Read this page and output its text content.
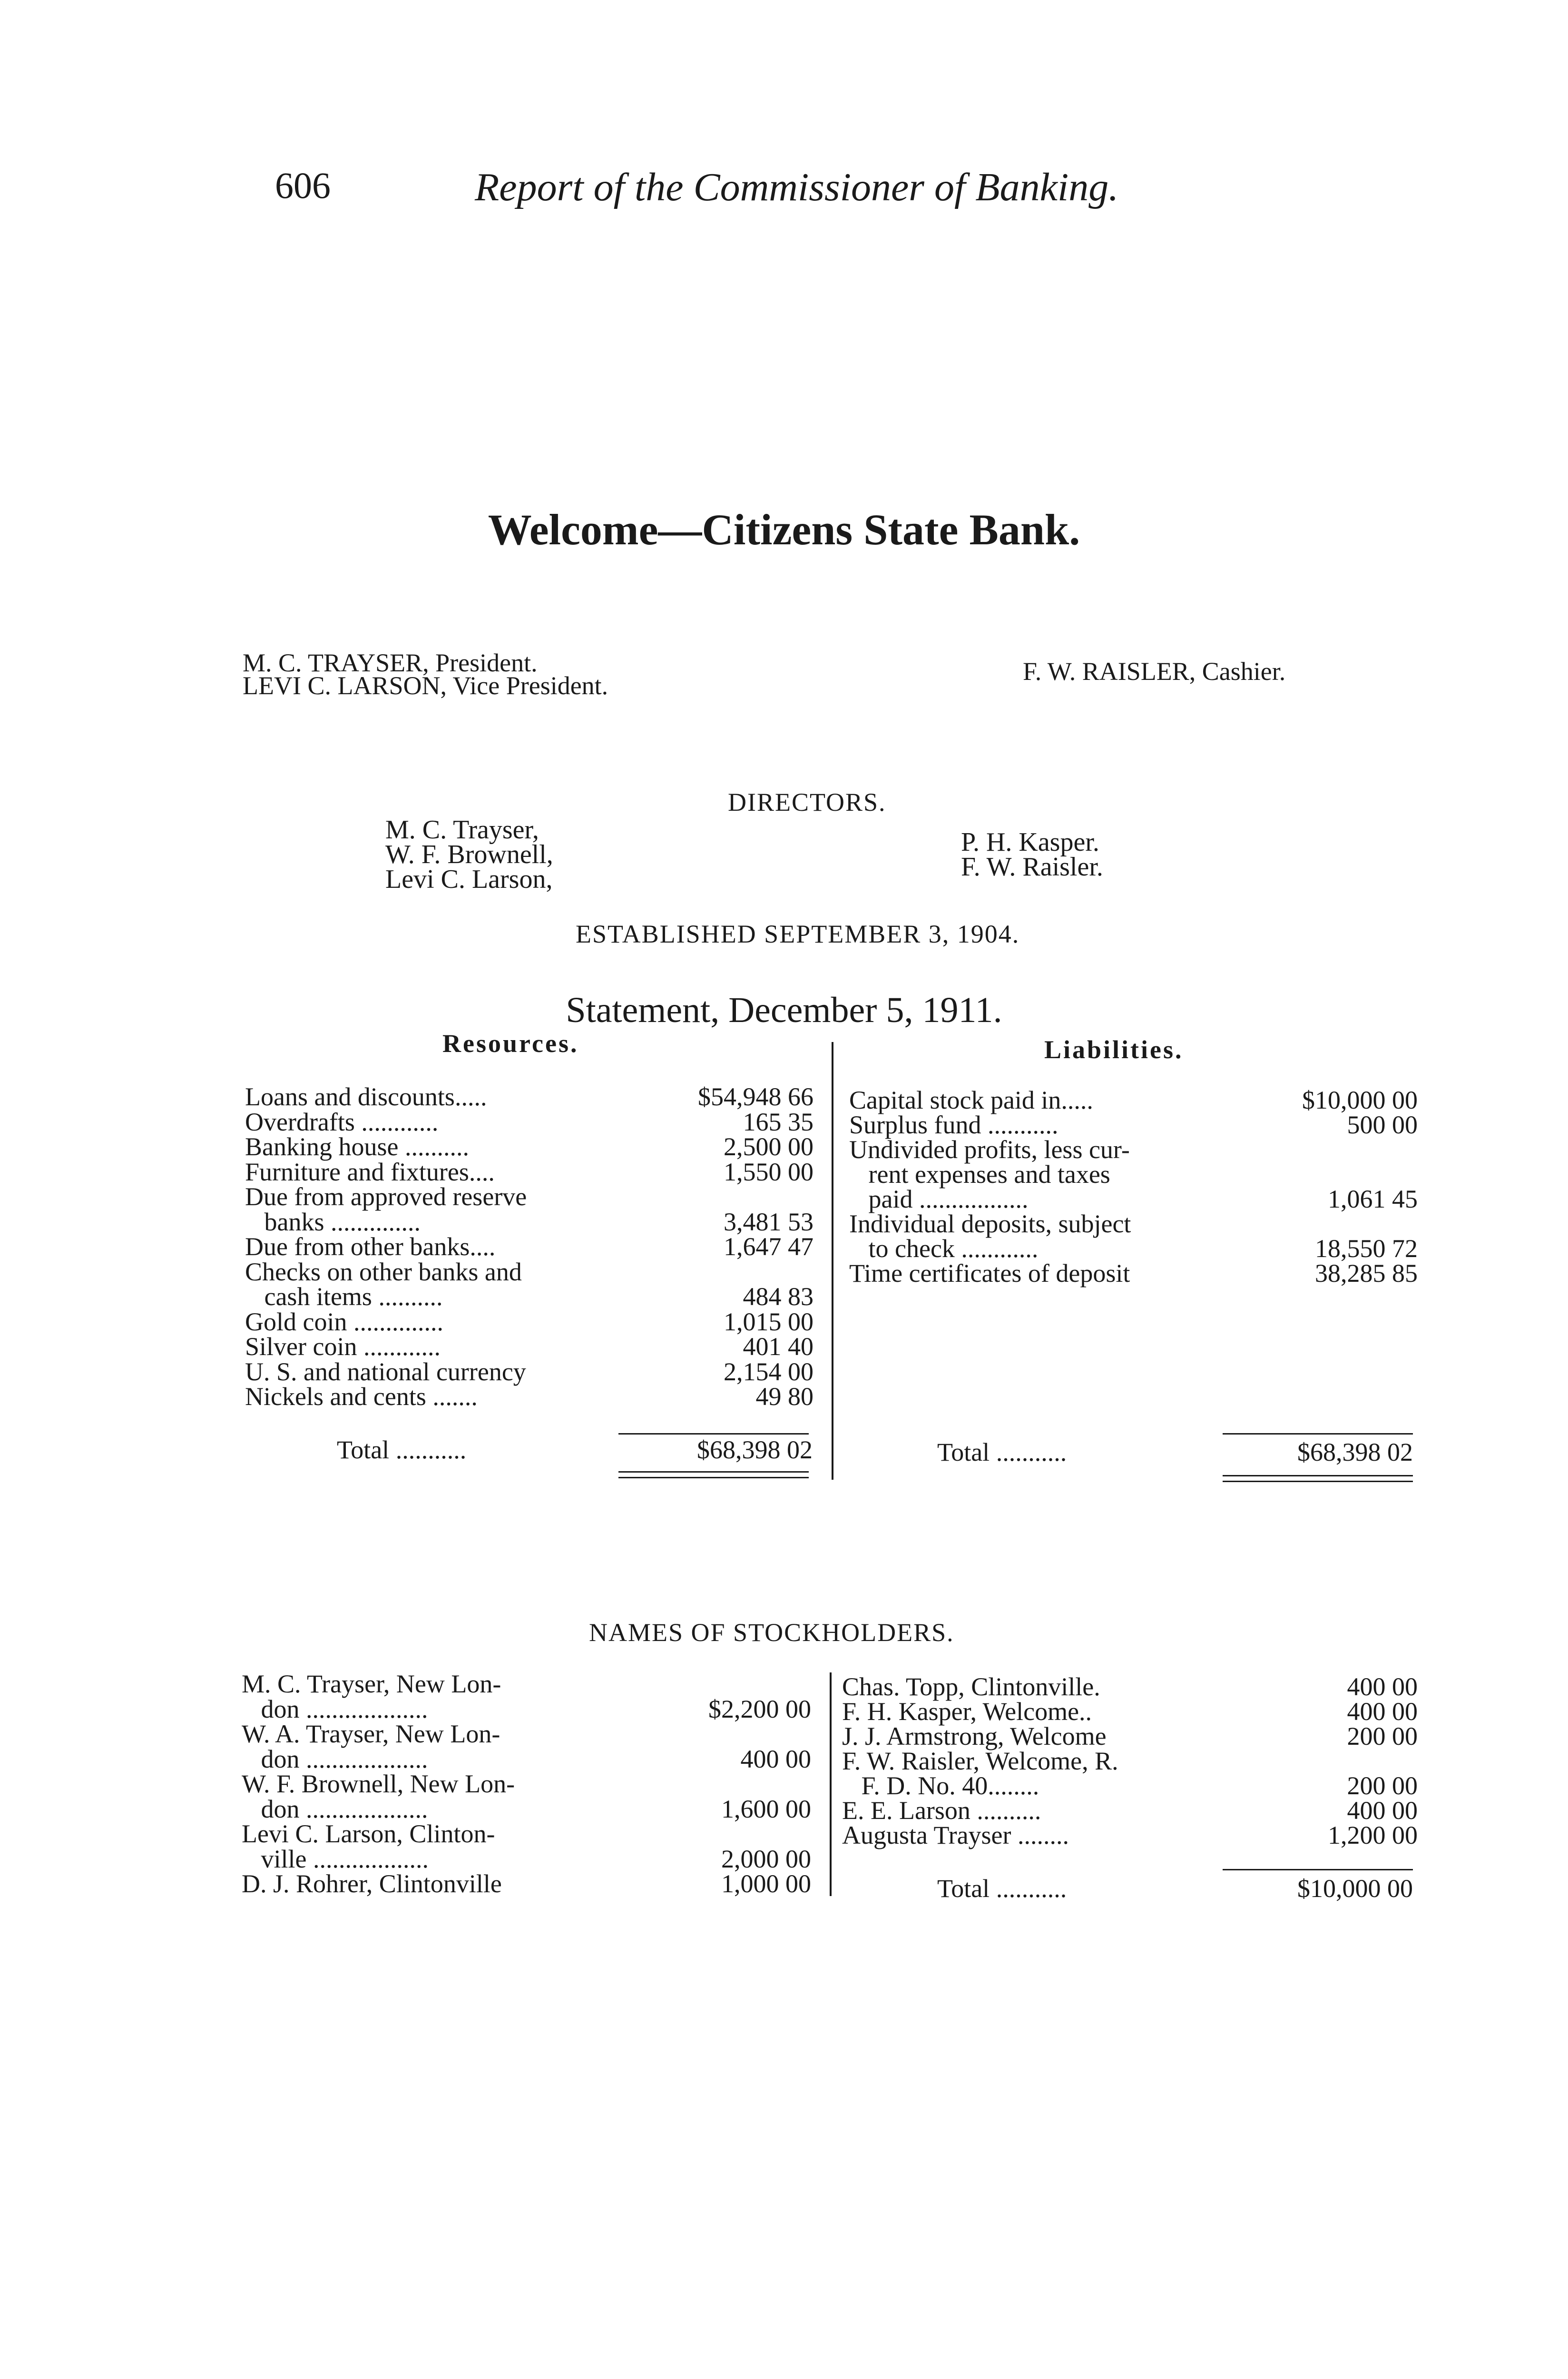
606	Report of the Commissioner of Banking.
Welcome—Citizens State Bank.
M. C. TRAYSER, President.
LEVI C. LARSON, Vice President.	F. W. RAISLER, Cashier.
DIRECTORS.
M. C. Trayser,
W. F. Brownell,
Levi C. Larson,
P. H. Kasper.
F. W. Raisler.
ESTABLISHED SEPTEMBER 3, 1904.
Statement, December 5, 1911.
Resources.	Liabilities.
Loans and discounts.....	$54,948 66
Overdrafts ............	165 35
Banking house ..........	2,500 00
Furniture and fixtures....	1,550 00
Due from approved reserve
banks ..............	3,481 53
Due from other banks....	1,647 47
Checks on other banks and
cash items ..........	484 83
Gold coin ..............	1,015 00
Silver coin ............	401 40
U. S. and national currency	2,154 00
Nickels and cents .......	49 80
Capital stock paid in.....	$10,000 00
Surplus fund ...........	500 00
Undivided profits, less cur-
rent expenses and taxes
paid .................	1,061 45
Individual deposits, subject
to check ............	18,550 72
Time certificates of deposit	38,285 85
Total ...........	$68,398 02	Total ...........	$68,398 02
NAMES OF STOCKHOLDERS.
M. C. Trayser, New Lon-
don ...................	$2,200 00
W. A. Trayser, New Lon-
don ...................	400 00
W. F. Brownell, New Lon-
don ...................	1,600 00
Levi C. Larson, Clinton-
ville ..................	2,000 00
D. J. Rohrer, Clintonville	1,000 00
Chas. Topp, Clintonville.	400 00
F. H. Kasper, Welcome..	400 00
J. J. Armstrong, Welcome	200 00
F. W. Raisler, Welcome, R.
F. D. No. 40........	200 00
E. E. Larson ..........	400 00
Augusta Trayser ........	1,200 00
Total ...........	$10,000 00
